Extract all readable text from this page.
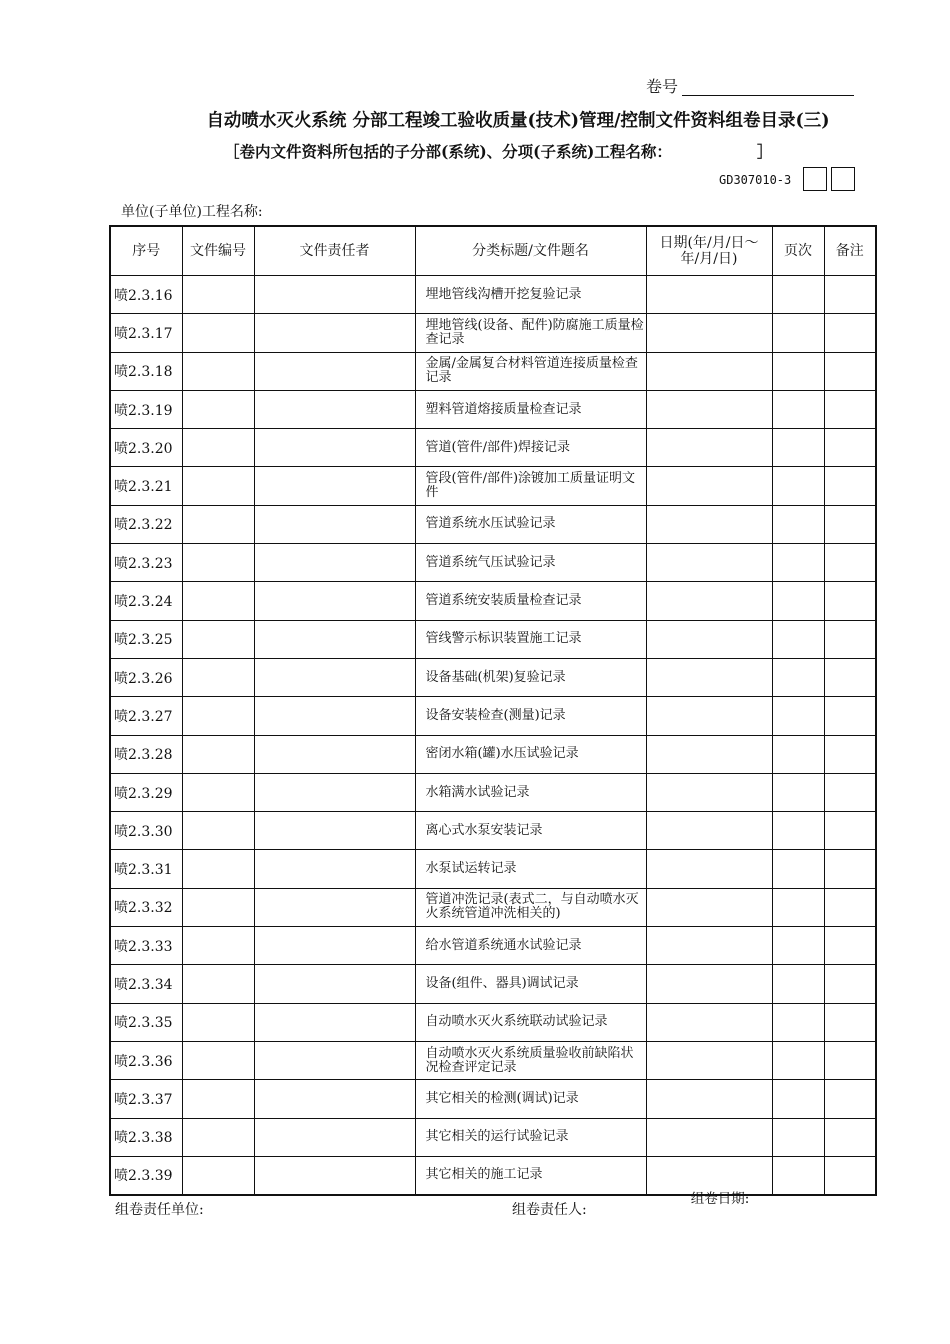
卷号
自动喷水灭火系统 分部工程竣工验收质量(技术)管理/控制文件资料组卷目录(三)
［卷内文件资料所包括的子分部(系统)、分项(子系统)工程名称：	］
GD307010-3
单位(子单位)工程名称:
序号	文件编号	文件责任者	分类标题/文件题名	日期(年/月/日～年/月/日)	页次	备注
喷2.3.16			埋地管线沟槽开挖复验记录			
喷2.3.17			埋地管线(设备、配件)防腐施工质量检查记录			
喷2.3.18			金属/金属复合材料管道连接质量检查记录			
喷2.3.19			塑料管道熔接质量检查记录			
喷2.3.20			管道(管件/部件)焊接记录			
喷2.3.21			管段(管件/部件)涂镀加工质量证明文件			
喷2.3.22			管道系统水压试验记录			
喷2.3.23			管道系统气压试验记录			
喷2.3.24			管道系统安装质量检查记录			
喷2.3.25			管线警示标识装置施工记录			
喷2.3.26			设备基础(机架)复验记录			
喷2.3.27			设备安装检查(测量)记录			
喷2.3.28			密闭水箱(罐)水压试验记录			
喷2.3.29			水箱满水试验记录			
喷2.3.30			离心式水泵安装记录			
喷2.3.31			水泵试运转记录			
喷2.3.32			管道冲洗记录(表式二，与自动喷水灭火系统管道冲洗相关的)			
喷2.3.33			给水管道系统通水试验记录			
喷2.3.34			设备(组件、器具)调试记录			
喷2.3.35			自动喷水灭火系统联动试验记录			
喷2.3.36			自动喷水灭火系统质量验收前缺陷状况检查评定记录			
喷2.3.37			其它相关的检测(调试)记录			
喷2.3.38			其它相关的运行试验记录			
喷2.3.39			其它相关的施工记录			
组卷责任单位:	组卷责任人:
组卷日期:
